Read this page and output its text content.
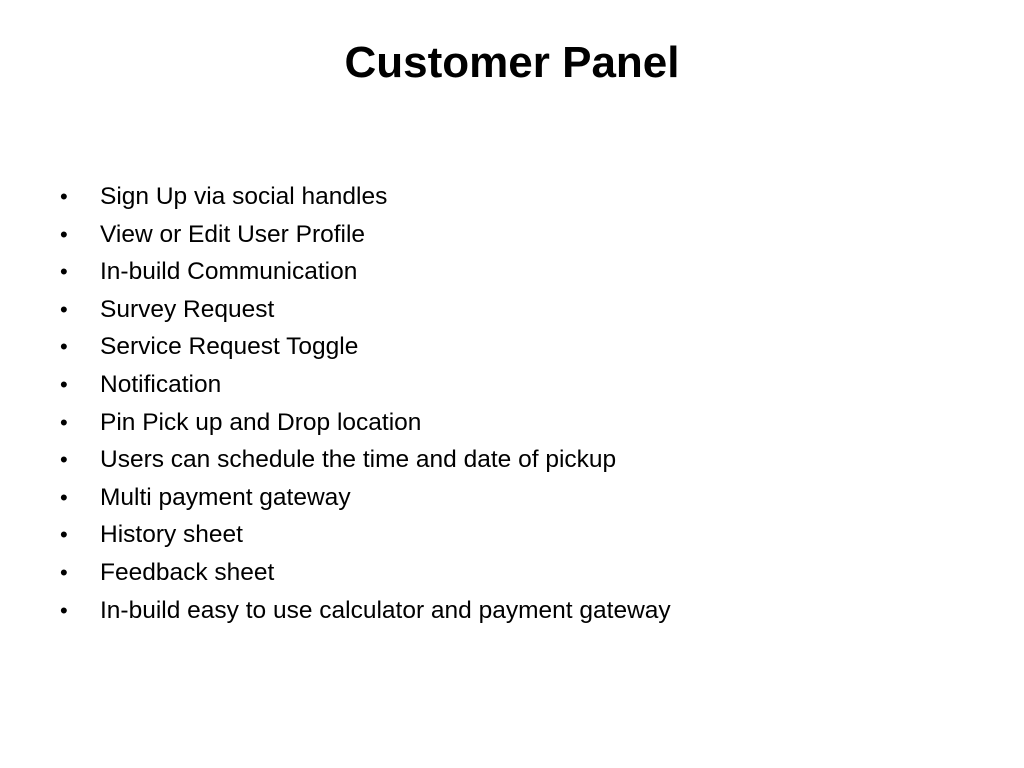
Customer Panel
• Sign Up via social handles
• View or Edit User Profile
• In-build Communication
• Survey Request
• Service Request Toggle
• Notification
• Pin Pick up and Drop location
• Users can schedule the time and date of pickup
• Multi payment gateway
• History sheet
• Feedback sheet
• In-build easy to use calculator and payment gateway
